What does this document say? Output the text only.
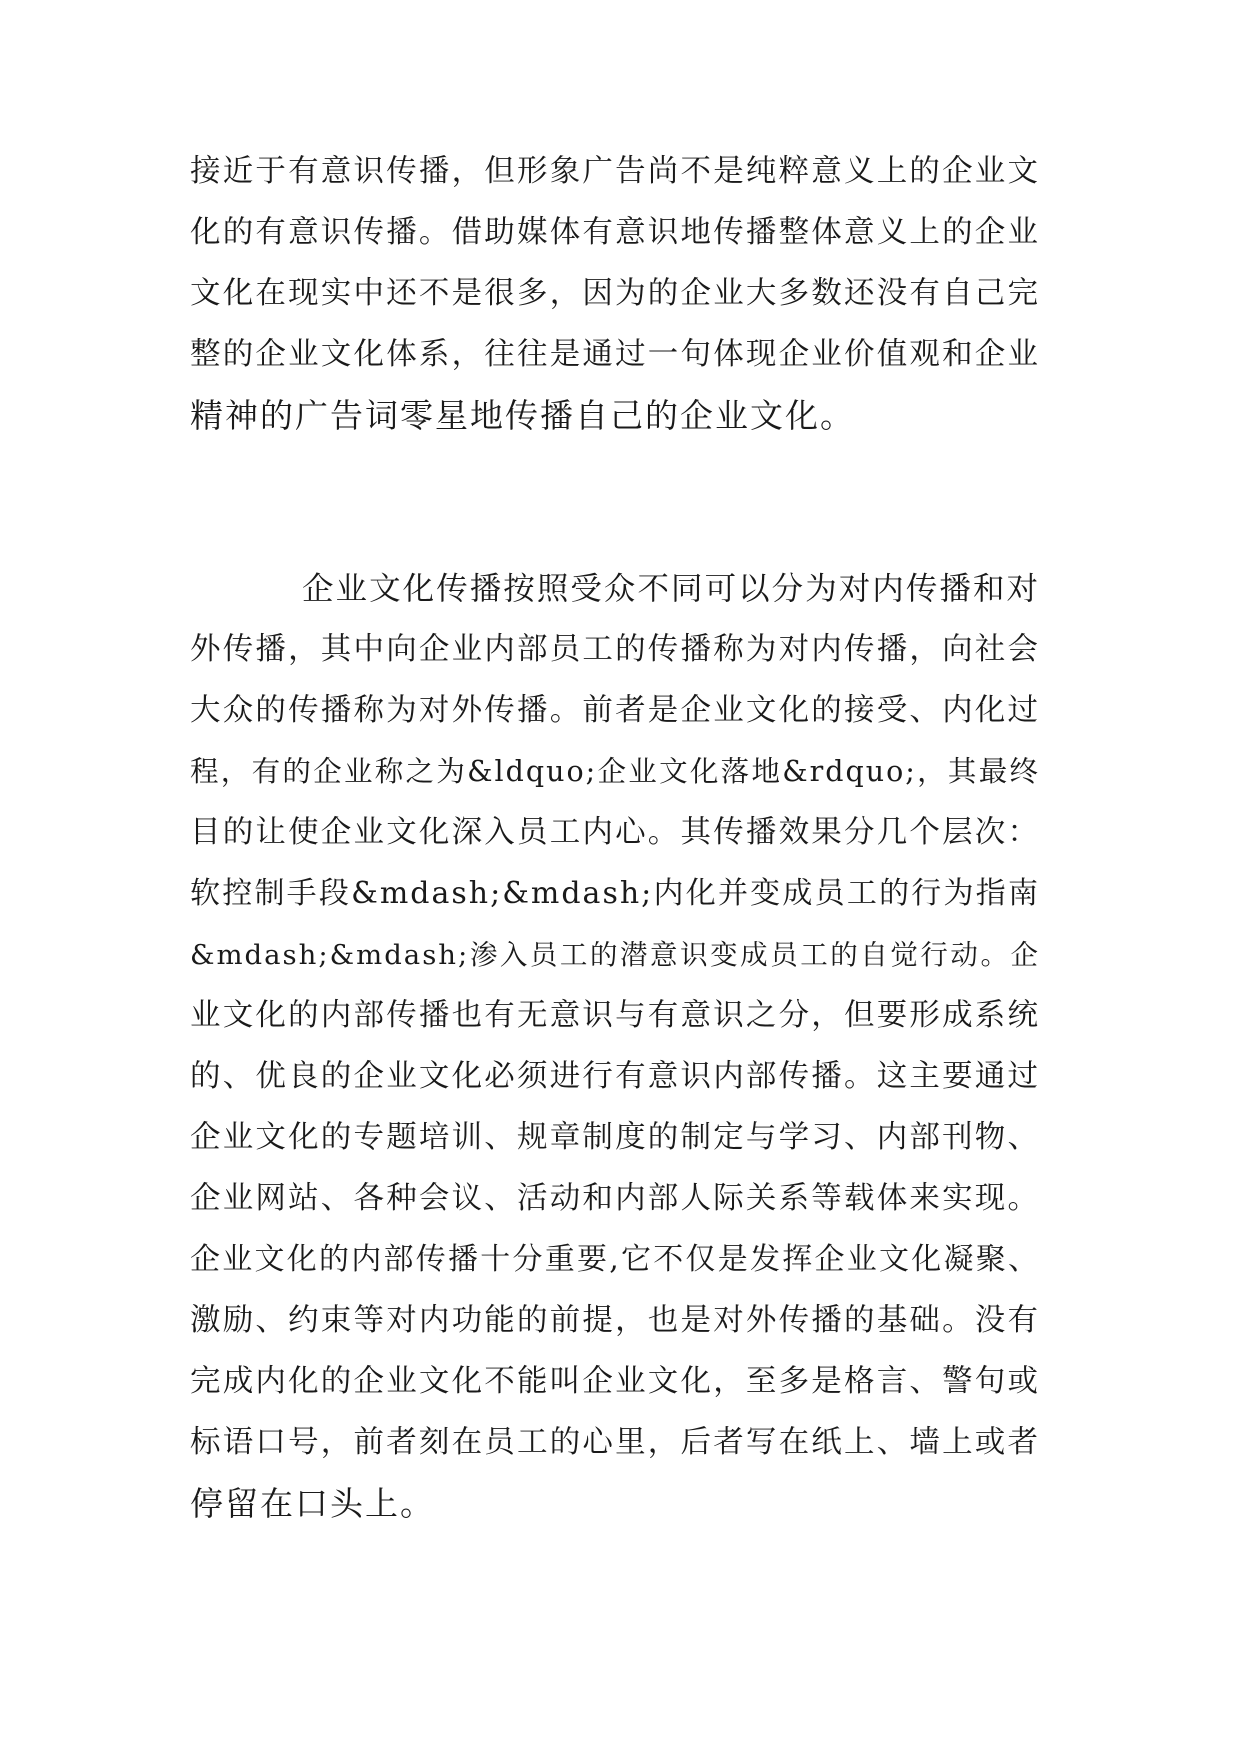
接近于有意识传播，但形象广告尚不是纯粹意义上的企业文
化的有意识传播。借助媒体有意识地传播整体意义上的企业
文化在现实中还不是很多，因为的企业大多数还没有自己完
整的企业文化体系，往往是通过一句体现企业价值观和企业
精神的广告词零星地传播自己的企业文化。
企业文化传播按照受众不同可以分为对内传播和对
外传播，其中向企业内部员工的传播称为对内传播，向社会
大众的传播称为对外传播。前者是企业文化的接受、内化过
程，有的企业称之为&ldquo;企业文化落地&rdquo;，其最终
目的让使企业文化深入员工内心。其传播效果分几个层次：
软控制手段&mdash;&mdash;内化并变成员工的行为指南
&mdash;&mdash;渗入员工的潜意识变成员工的自觉行动。企
业文化的内部传播也有无意识与有意识之分，但要形成系统
的、优良的企业文化必须进行有意识内部传播。这主要通过
企业文化的专题培训、规章制度的制定与学习、内部刊物、
企业网站、各种会议、活动和内部人际关系等载体来实现。
企业文化的内部传播十分重要,它不仅是发挥企业文化凝聚、
激励、约束等对内功能的前提，也是对外传播的基础。没有
完成内化的企业文化不能叫企业文化，至多是格言、警句或
标语口号，前者刻在员工的心里，后者写在纸上、墙上或者
停留在口头上。
